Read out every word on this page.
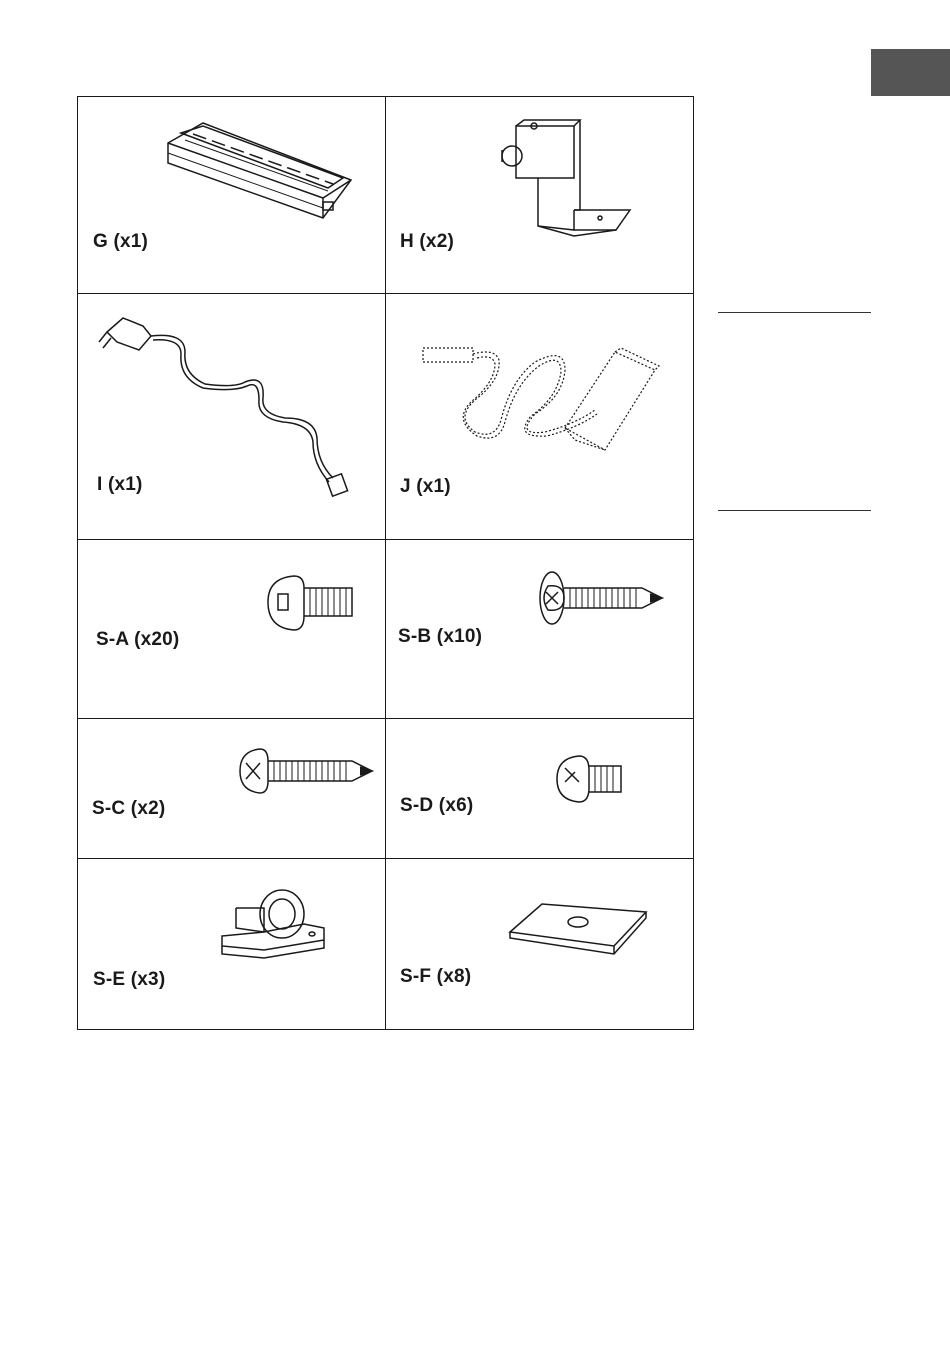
G (x1)	H (x2)
I (x1)	J (x1)
S-A (x20)	S-B (x10)
S-C (x2)	S-D (x6)
S-E (x3)	S-F (x8)
